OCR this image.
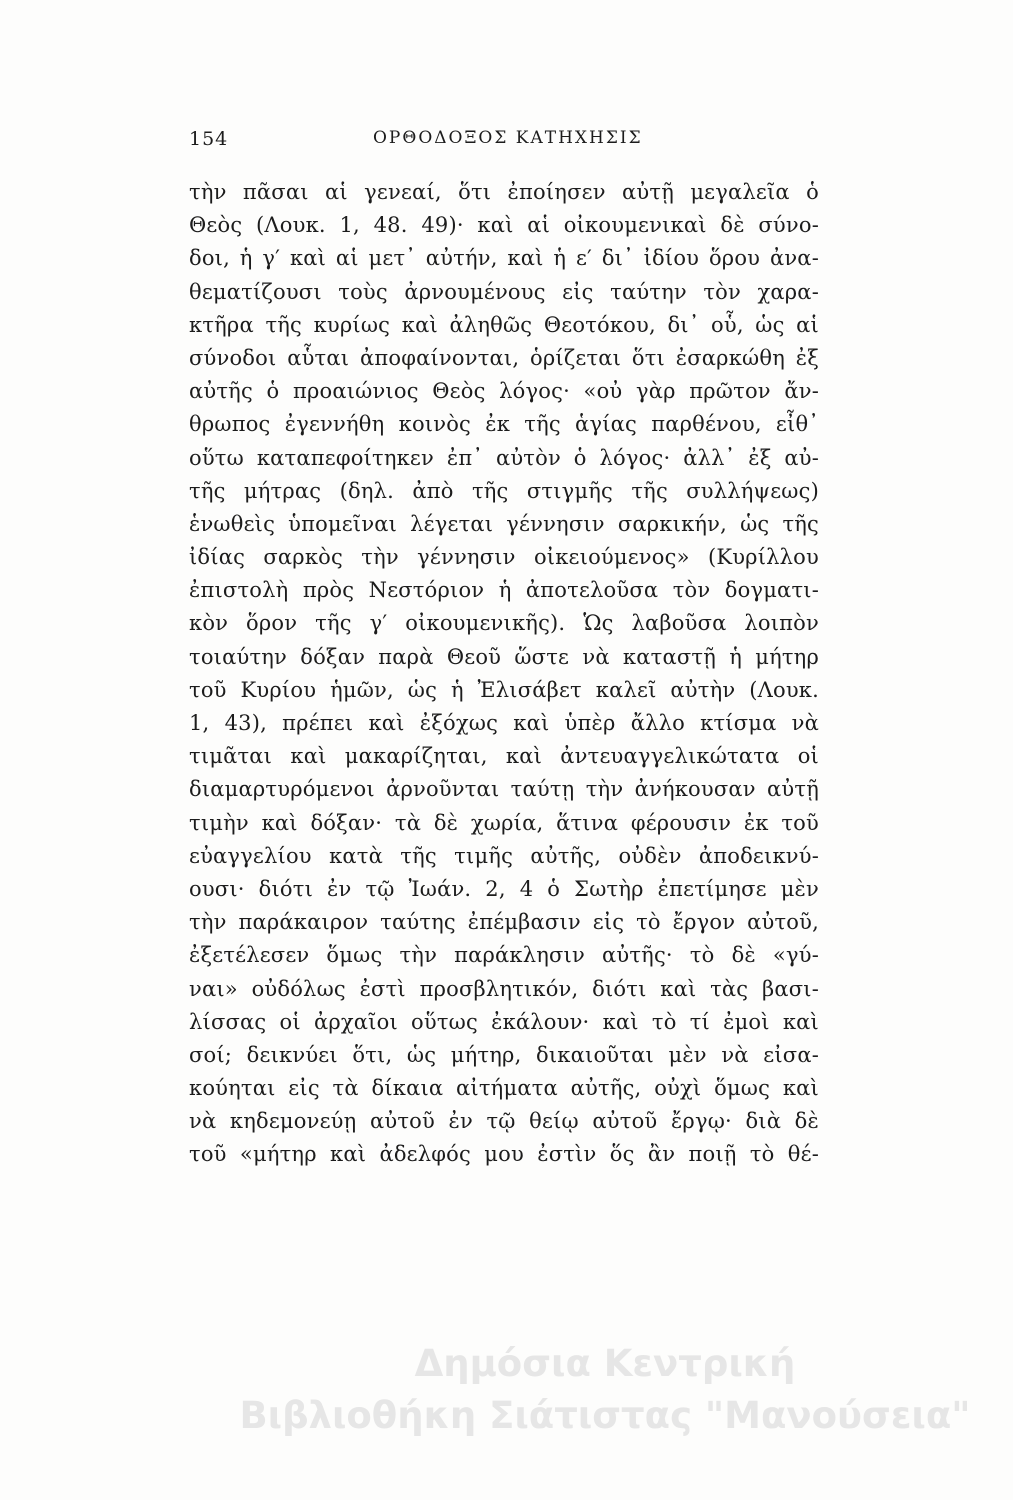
154	ΟΡΘΟΔΟΞΟΣ ΚΑΤΗΧΗΣΙΣ
τὴν πᾶσαι αἱ γενεαί, ὅτι ἐποίησεν αὐτῇ μεγαλεῖα ὁ
Θεὸς (Λουκ. 1, 48. 49)· καὶ αἱ οἰκουμενικαὶ δὲ σύνο-
δοι, ἡ γ′ καὶ αἱ μετ᾽ αὐτήν, καὶ ἡ ε′ δι᾽ ἰδίου ὅρου ἀνα-
θεματίζουσι τοὺς ἀρνουμένους εἰς ταύτην τὸν χαρα-
κτῆρα τῆς κυρίως καὶ ἀληθῶς Θεοτόκου, δι᾽ οὗ, ὡς αἱ
σύνοδοι αὗται ἀποφαίνονται, ὁρίζεται ὅτι ἐσαρκώθη ἐξ
αὐτῆς ὁ προαιώνιος Θεὸς λόγος· «οὐ γὰρ πρῶτον ἄν-
θρωπος ἐγεννήθη κοινὸς ἐκ τῆς ἁγίας παρθένου, εἶθ᾽
οὕτω καταπεφοίτηκεν ἐπ᾽ αὐτὸν ὁ λόγος· ἀλλ᾽ ἐξ αὐ-
τῆς μήτρας (δηλ. ἀπὸ τῆς στιγμῆς τῆς συλλήψεως)
ἑνωθεὶς ὑπομεῖναι λέγεται γέννησιν σαρκικήν, ὡς τῆς
ἰδίας σαρκὸς τὴν γέννησιν οἰκειούμενος» (Κυρίλλου
ἐπιστολὴ πρὸς Νεστόριον ἡ ἀποτελοῦσα τὸν δογματι-
κὸν ὅρον τῆς γ′ οἰκουμενικῆς). Ὡς λαβοῦσα λοιπὸν
τοιαύτην δόξαν παρὰ Θεοῦ ὥστε νὰ καταστῇ ἡ μήτηρ
τοῦ Κυρίου ἡμῶν, ὡς ἡ Ἐλισάβετ καλεῖ αὐτὴν (Λουκ.
1, 43), πρέπει καὶ ἐξόχως καὶ ὑπὲρ ἄλλο κτίσμα νὰ
τιμᾶται καὶ μακαρίζηται, καὶ ἀντευαγγελικώτατα οἱ
διαμαρτυρόμενοι ἀρνοῦνται ταύτῃ τὴν ἀνήκουσαν αὐτῇ
τιμὴν καὶ δόξαν· τὰ δὲ χωρία, ἅτινα φέρουσιν ἐκ τοῦ
εὐαγγελίου κατὰ τῆς τιμῆς αὐτῆς, οὐδὲν ἀποδεικνύ-
ουσι· διότι ἐν τῷ Ἰωάν. 2, 4 ὁ Σωτὴρ ἐπετίμησε μὲν
τὴν παράκαιρον ταύτης ἐπέμβασιν εἰς τὸ ἔργον αὐτοῦ,
ἐξετέλεσεν ὅμως τὴν παράκλησιν αὐτῆς· τὸ δὲ «γύ-
ναι» οὐδόλως ἐστὶ προσβλητικόν, διότι καὶ τὰς βασι-
λίσσας οἱ ἀρχαῖοι οὕτως ἐκάλουν· καὶ τὸ τί ἐμοὶ καὶ
σοί; δεικνύει ὅτι, ὡς μήτηρ, δικαιοῦται μὲν νὰ εἰσα-
κούηται εἰς τὰ δίκαια αἰτήματα αὐτῆς, οὐχὶ ὅμως καὶ
νὰ κηδεμονεύῃ αὐτοῦ ἐν τῷ θείῳ αὐτοῦ ἔργῳ· διὰ δὲ
τοῦ «μήτηρ καὶ ἀδελφός μου ἐστὶν ὅς ἂν ποιῇ τὸ θέ-
Δημόσια Κεντρική
Βιβλιοθήκη Σιάτιστας "Μανούσεια"
